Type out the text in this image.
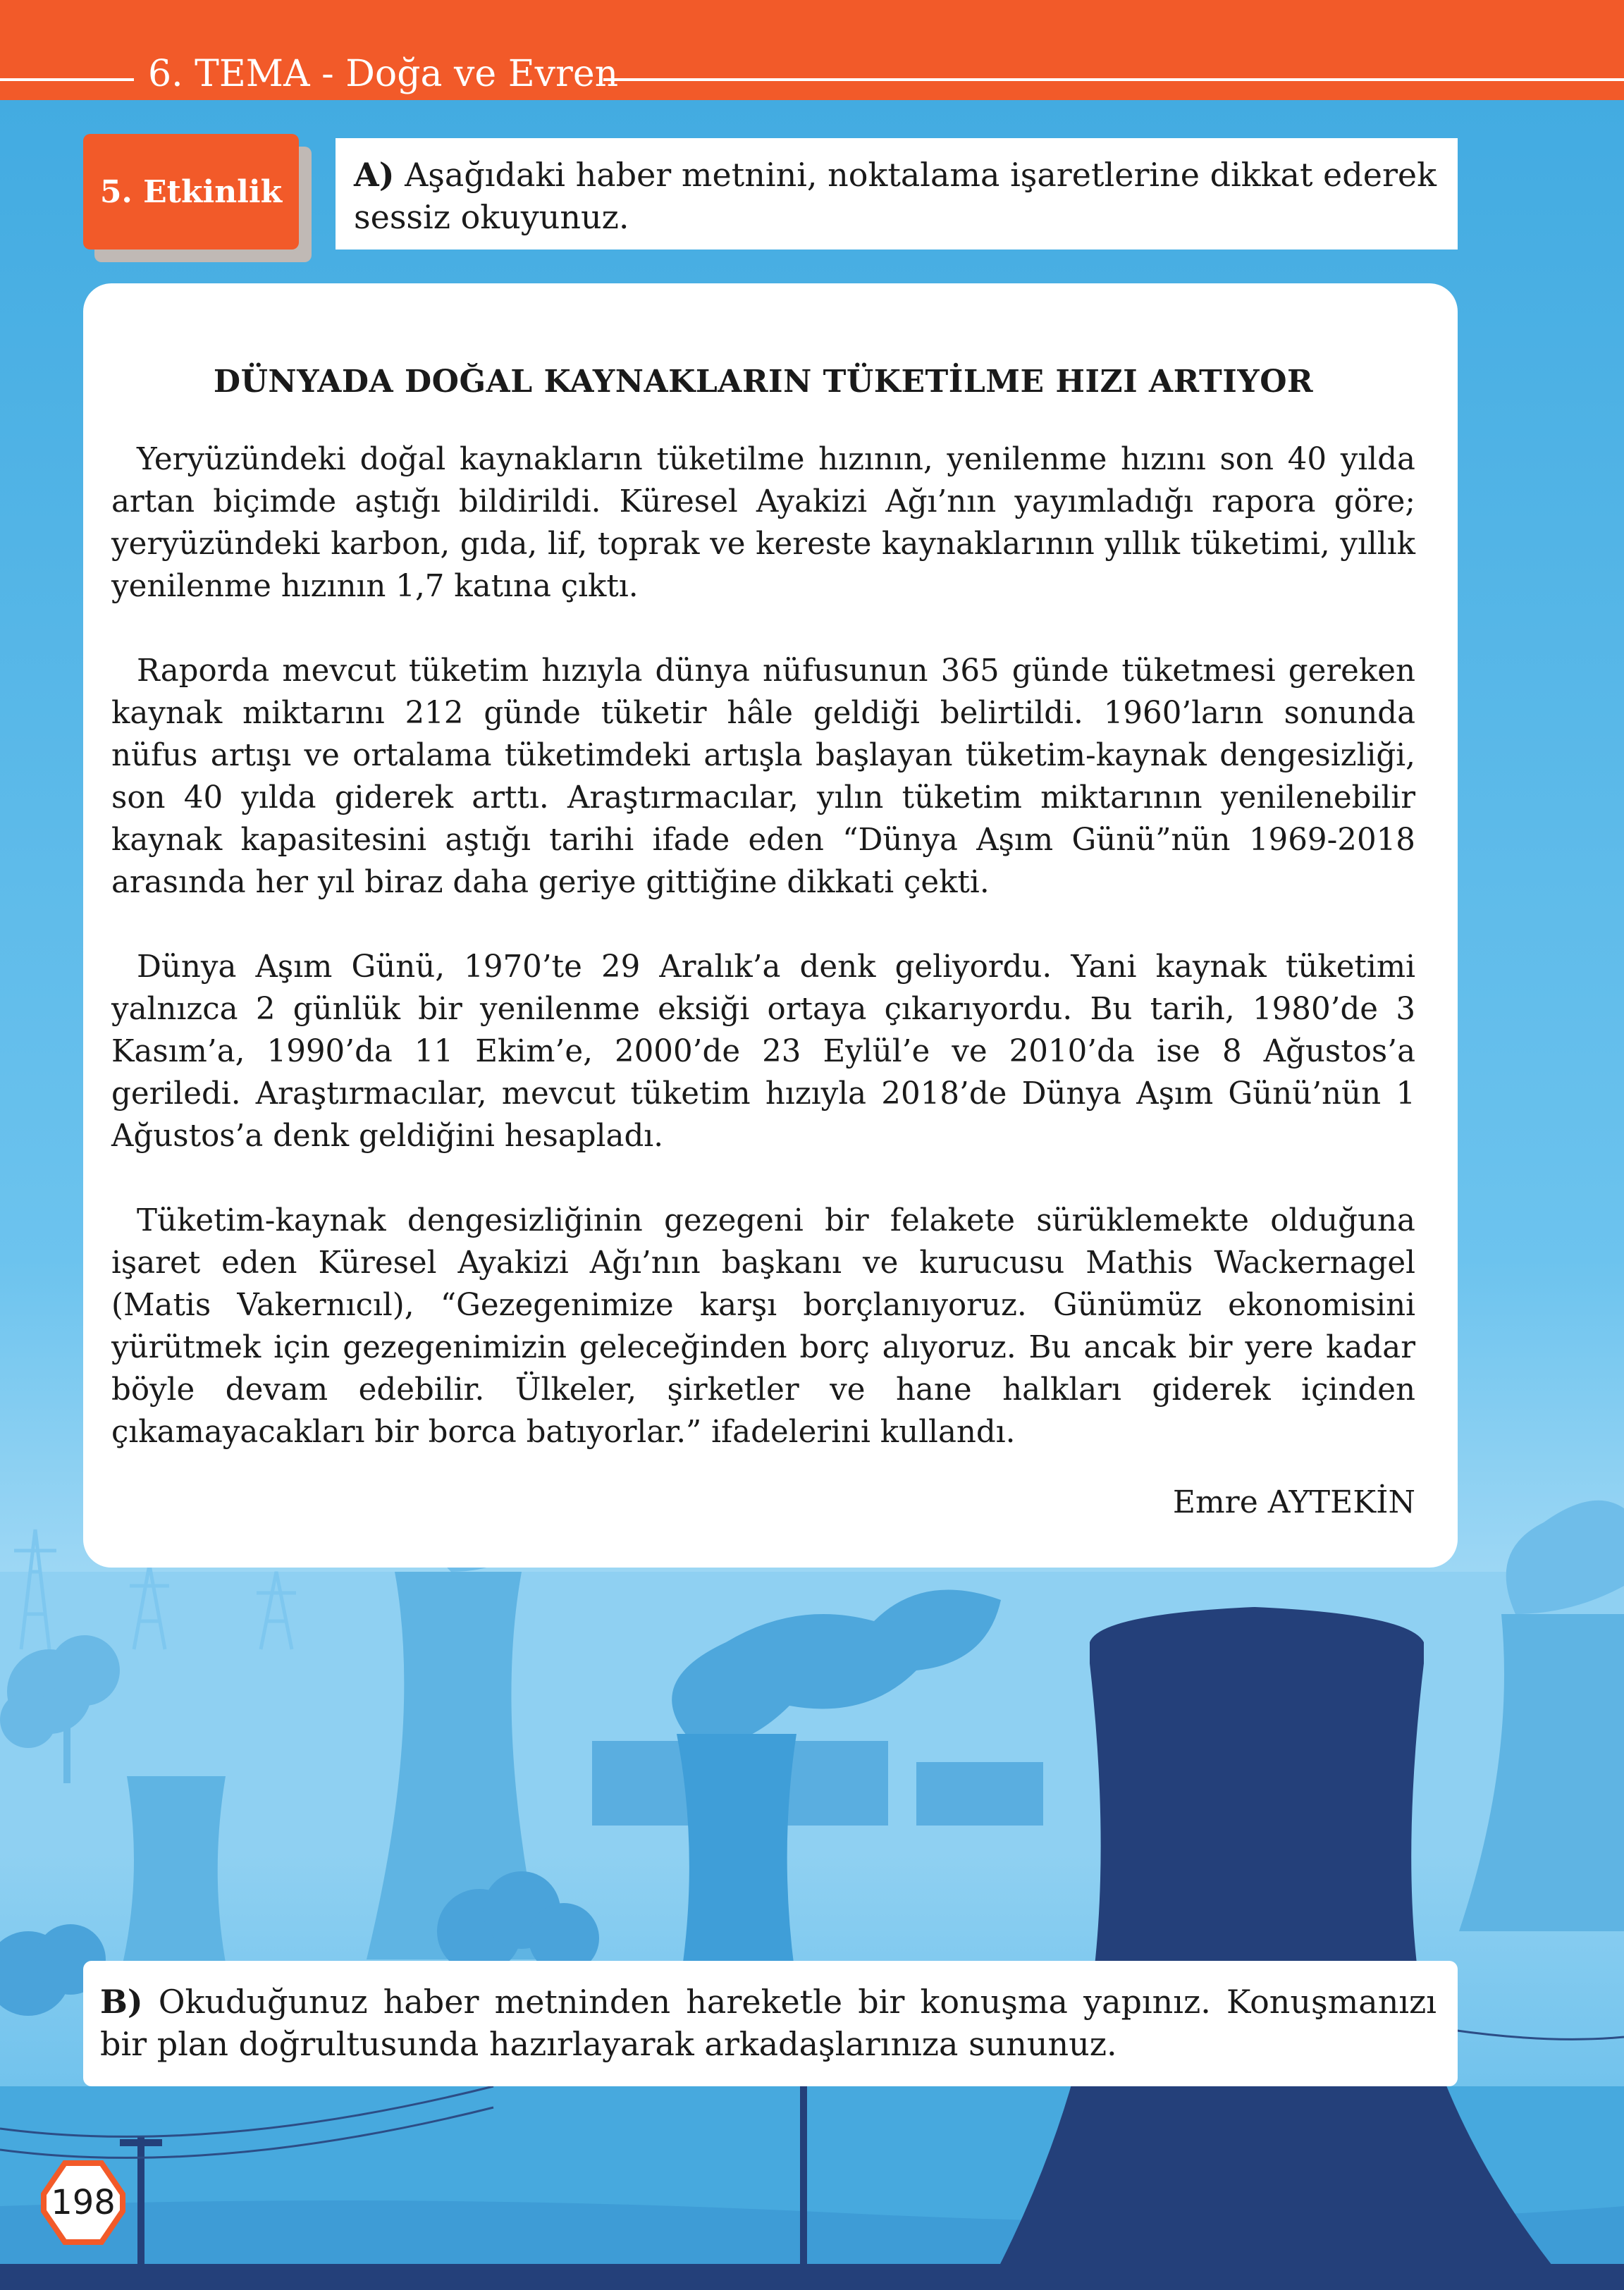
6. TEMA - Doğa ve Evren
5. Etkinlik	A) Aşağıdaki haber metnini, noktalama işaretlerine dikkat ederek sessiz okuyunuz.
DÜNYADA DOĞAL KAYNAKLARIN TÜKETİLME HIZI ARTIYOR

Yeryüzündeki doğal kaynakların tüketilme hızının, yenilenme hızını son 40 yılda artan biçimde aştığı bildirildi. Küresel Ayakizi Ağı’nın yayımladığı rapora göre; yeryüzündeki karbon, gıda, lif, toprak ve kereste kaynaklarının yıllık tüketimi, yıllık yenilenme hızının 1,7 katına çıktı.

Raporda mevcut tüketim hızıyla dünya nüfusunun 365 günde tüketmesi gereken kaynak miktarını 212 günde tüketir hâle geldiği belirtildi. 1960’ların sonunda nüfus artışı ve ortalama tüketimdeki artışla başlayan tüketim-kaynak dengesizliği, son 40 yılda giderek arttı. Araştırmacılar, yılın tüketim miktarının yenilenebilir kaynak kapasitesini aştığı tarihi ifade eden “Dünya Aşım Günü”nün 1969-2018 arasında her yıl biraz daha geriye gittiğine dikkati çekti.

Dünya Aşım Günü, 1970’te 29 Aralık’a denk geliyordu. Yani kaynak tüketimi yalnızca 2 günlük bir yenilenme eksiği ortaya çıkarıyordu. Bu tarih, 1980’de 3 Kasım’a, 1990’da 11 Ekim’e, 2000’de 23 Eylül’e ve 2010’da ise 8 Ağustos’a geriledi. Araştırmacılar, mevcut tüketim hızıyla 2018’de Dünya Aşım Günü’nün 1 Ağustos’a denk geldiğini hesapladı.

Tüketim-kaynak dengesizliğinin gezegeni bir felakete sürüklemekte olduğuna işaret eden Küresel Ayakizi Ağı’nın başkanı ve kurucusu Mathis Wackernagel (Matis Vakernıcıl), “Gezegenimize karşı borçlanıyoruz. Günümüz ekonomisini yürütmek için gezegenimizin geleceğinden borç alıyoruz. Bu ancak bir yere kadar böyle devam edebilir. Ülkeler, şirketler ve hane halkları giderek içinden çıkamayacakları bir borca batıyorlar.” ifadelerini kullandı.

Emre AYTEKİN
B) Okuduğunuz haber metninden hareketle bir konuşma yapınız. Konuşmanızı bir plan doğrultusunda hazırlayarak arkadaşlarınıza sununuz.
198
